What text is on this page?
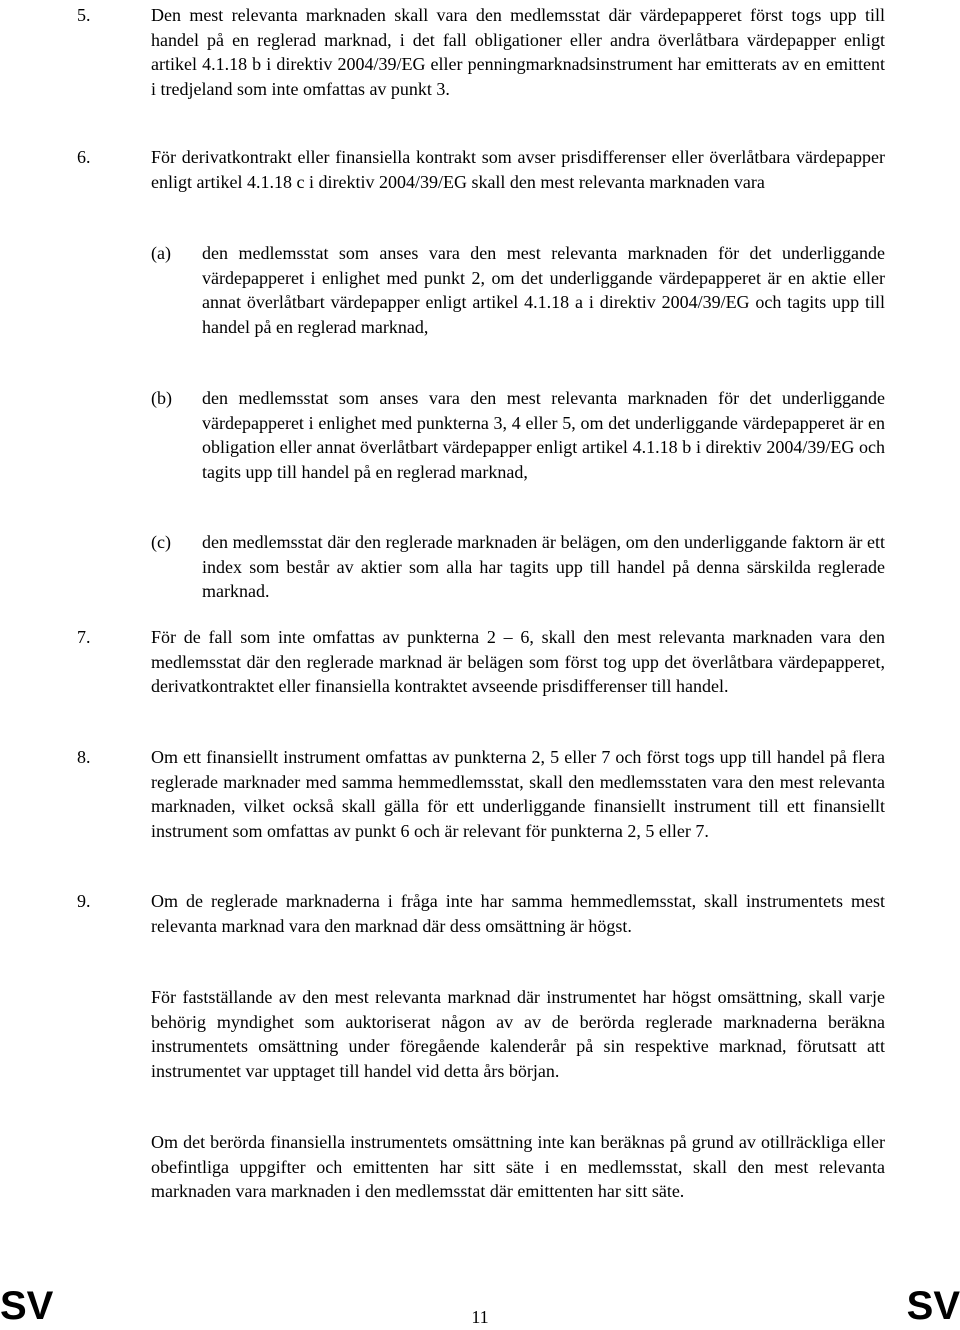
5.	Den mest relevanta marknaden skall vara den medlemsstat där värdepapperet först togs upp till handel på en reglerad marknad, i det fall obligationer eller andra överlåtbara värdepapper enligt artikel 4.1.18 b i direktiv 2004/39/EG eller penningmarknadsinstrument har emitterats av en emittent i tredjeland som inte omfattas av punkt 3.
6.	För derivatkontrakt eller finansiella kontrakt som avser prisdifferenser eller överlåtbara värdepapper enligt artikel 4.1.18 c i direktiv 2004/39/EG skall den mest relevanta marknaden vara
(a) den medlemsstat som anses vara den mest relevanta marknaden för det underliggande värdepapperet i enlighet med punkt 2, om det underliggande värdepapperet är en aktie eller annat överlåtbart värdepapper enligt artikel 4.1.18 a i direktiv 2004/39/EG och tagits upp till handel på en reglerad marknad,
(b) den medlemsstat som anses vara den mest relevanta marknaden för det underliggande värdepapperet i enlighet med punkterna 3, 4 eller 5, om det underliggande värdepapperet är en obligation eller annat överlåtbart värdepapper enligt artikel 4.1.18 b i direktiv 2004/39/EG och tagits upp till handel på en reglerad marknad,
(c) den medlemsstat där den reglerade marknaden är belägen, om den underliggande faktorn är ett index som består av aktier som alla har tagits upp till handel på denna särskilda reglerade marknad.
7.	För de fall som inte omfattas av punkterna 2 – 6, skall den mest relevanta marknaden vara den medlemsstat där den reglerade marknad är belägen som först tog upp det överlåtbara värdepapperet, derivatkontraktet eller finansiella kontraktet avseende prisdifferenser till handel.
8.	Om ett finansiellt instrument omfattas av punkterna 2, 5 eller 7 och först togs upp till handel på flera reglerade marknader med samma hemmedlemsstat, skall den medlemsstaten vara den mest relevanta marknaden, vilket också skall gälla för ett underliggande finansiellt instrument till ett finansiellt instrument som omfattas av punkt 6 och är relevant för punkterna 2, 5 eller 7.
9.	Om de reglerade marknaderna i fråga inte har samma hemmedlemsstat, skall instrumentets mest relevanta marknad vara den marknad där dess omsättning är högst.
För fastställande av den mest relevanta marknad där instrumentet har högst omsättning, skall varje behörig myndighet som auktoriserat någon av av de berörda reglerade marknaderna beräkna instrumentets omsättning under föregående kalenderår på sin respektive marknad, förutsatt att instrumentet var upptaget till handel vid detta års början.
Om det berörda finansiella instrumentets omsättning inte kan beräknas på grund av otillräckliga eller obefintliga uppgifter och emittenten har sitt säte i en medlemsstat, skall den mest relevanta marknaden vara marknaden i den medlemsstat där emittenten har sitt säte.
SV	11	SV
